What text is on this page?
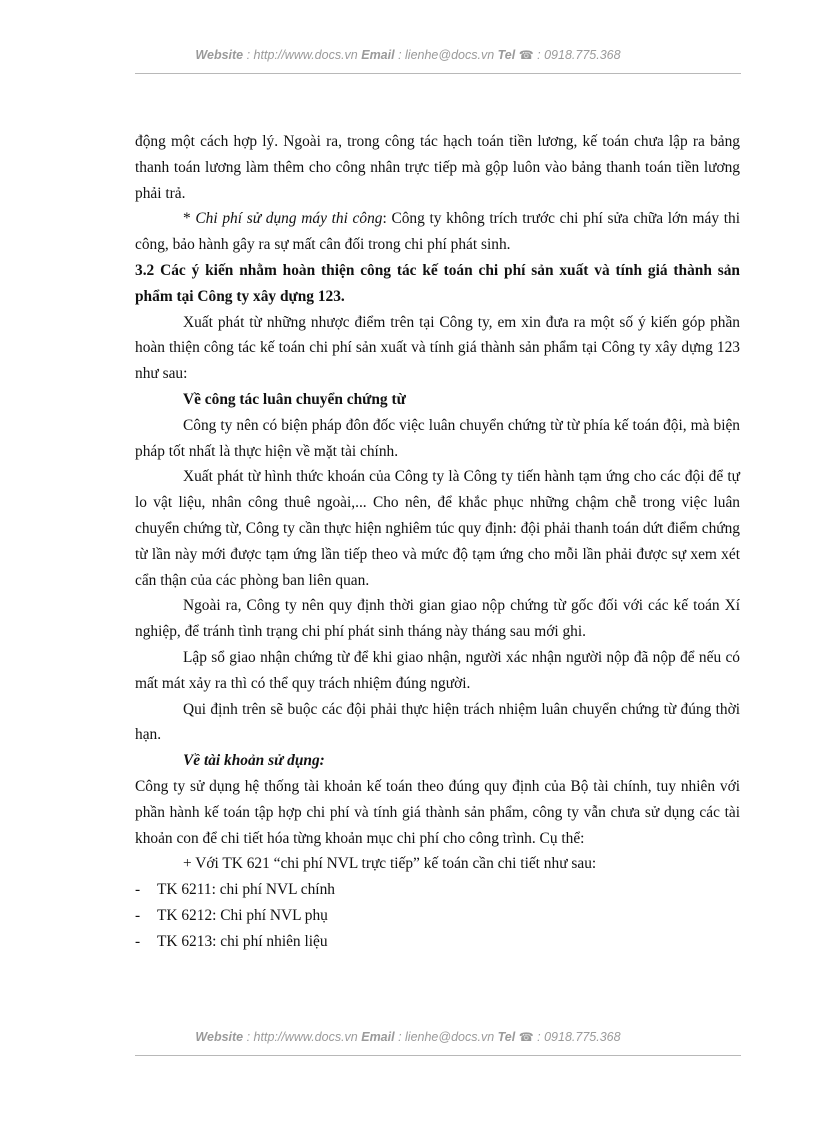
Website : http://www.docs.vn Email : lienhe@docs.vn Tel ☎ : 0918.775.368

động một cách hợp lý. Ngoài ra, trong công tác hạch toán tiền lương, kế toán chưa lập ra bảng thanh toán lương làm thêm cho công nhân trực tiếp mà gộp luôn vào bảng thanh toán tiền lương phải trả.

* Chi phí sử dụng máy thi công: Công ty không trích trước chi phí sửa chữa lớn máy thi công, bảo hành gây ra sự mất cân đối trong chi phí phát sinh.

3.2 Các ý kiến nhằm hoàn thiện công tác kế toán chi phí sản xuất và tính giá thành sản phẩm tại Công ty xây dựng 123.

Xuất phát từ những nhược điểm trên tại Công ty, em xin đưa ra một số ý kiến góp phần hoàn thiện công tác kế toán chi phí sản xuất và tính giá thành sản phẩm tại Công ty xây dựng 123 như sau:

Về công tác luân chuyển chứng từ

Công ty nên có biện pháp đôn đốc việc luân chuyển chứng từ từ phía kế toán đội, mà biện pháp tốt nhất là thực hiện về mặt tài chính.

Xuất phát từ hình thức khoán của Công ty là Công ty tiến hành tạm ứng cho các đội để tự lo vật liệu, nhân công thuê ngoài,... Cho nên, để khắc phục những chậm chễ trong việc luân chuyển chứng từ, Công ty cần thực hiện nghiêm túc quy định: đội phải thanh toán dứt điểm chứng từ lần này mới được tạm ứng lần tiếp theo và mức độ tạm ứng cho mỗi lần phải được sự xem xét cẩn thận của các phòng ban liên quan.

Ngoài ra, Công ty nên quy định thời gian giao nộp chứng từ gốc đối với các kế toán Xí nghiệp, để tránh tình trạng chi phí phát sinh tháng này tháng sau mới ghi.

Lập sổ giao nhận chứng từ để khi giao nhận, người xác nhận người nộp đã nộp để nếu có mất mát xảy ra thì có thể quy trách nhiệm đúng người.

Qui định trên sẽ buộc các đội phải thực hiện trách nhiệm luân chuyển chứng từ đúng thời hạn.

Về tài khoản sử dụng:

Công ty sử dụng hệ thống tài khoản kế toán theo đúng quy định của Bộ tài chính, tuy nhiên với phần hành kế toán tập hợp chi phí và tính giá thành sản phẩm, công ty vẫn chưa sử dụng các tài khoản con để chi tiết hóa từng khoản mục chi phí cho công trình. Cụ thể:

+ Với TK 621 “chi phí NVL trực tiếp” kế toán cần chi tiết như sau:

- TK 6211: chi phí NVL chính

- TK 6212: Chi phí NVL phụ

- TK 6213: chi phí nhiên liệu

Website : http://www.docs.vn Email : lienhe@docs.vn Tel ☎ : 0918.775.368
